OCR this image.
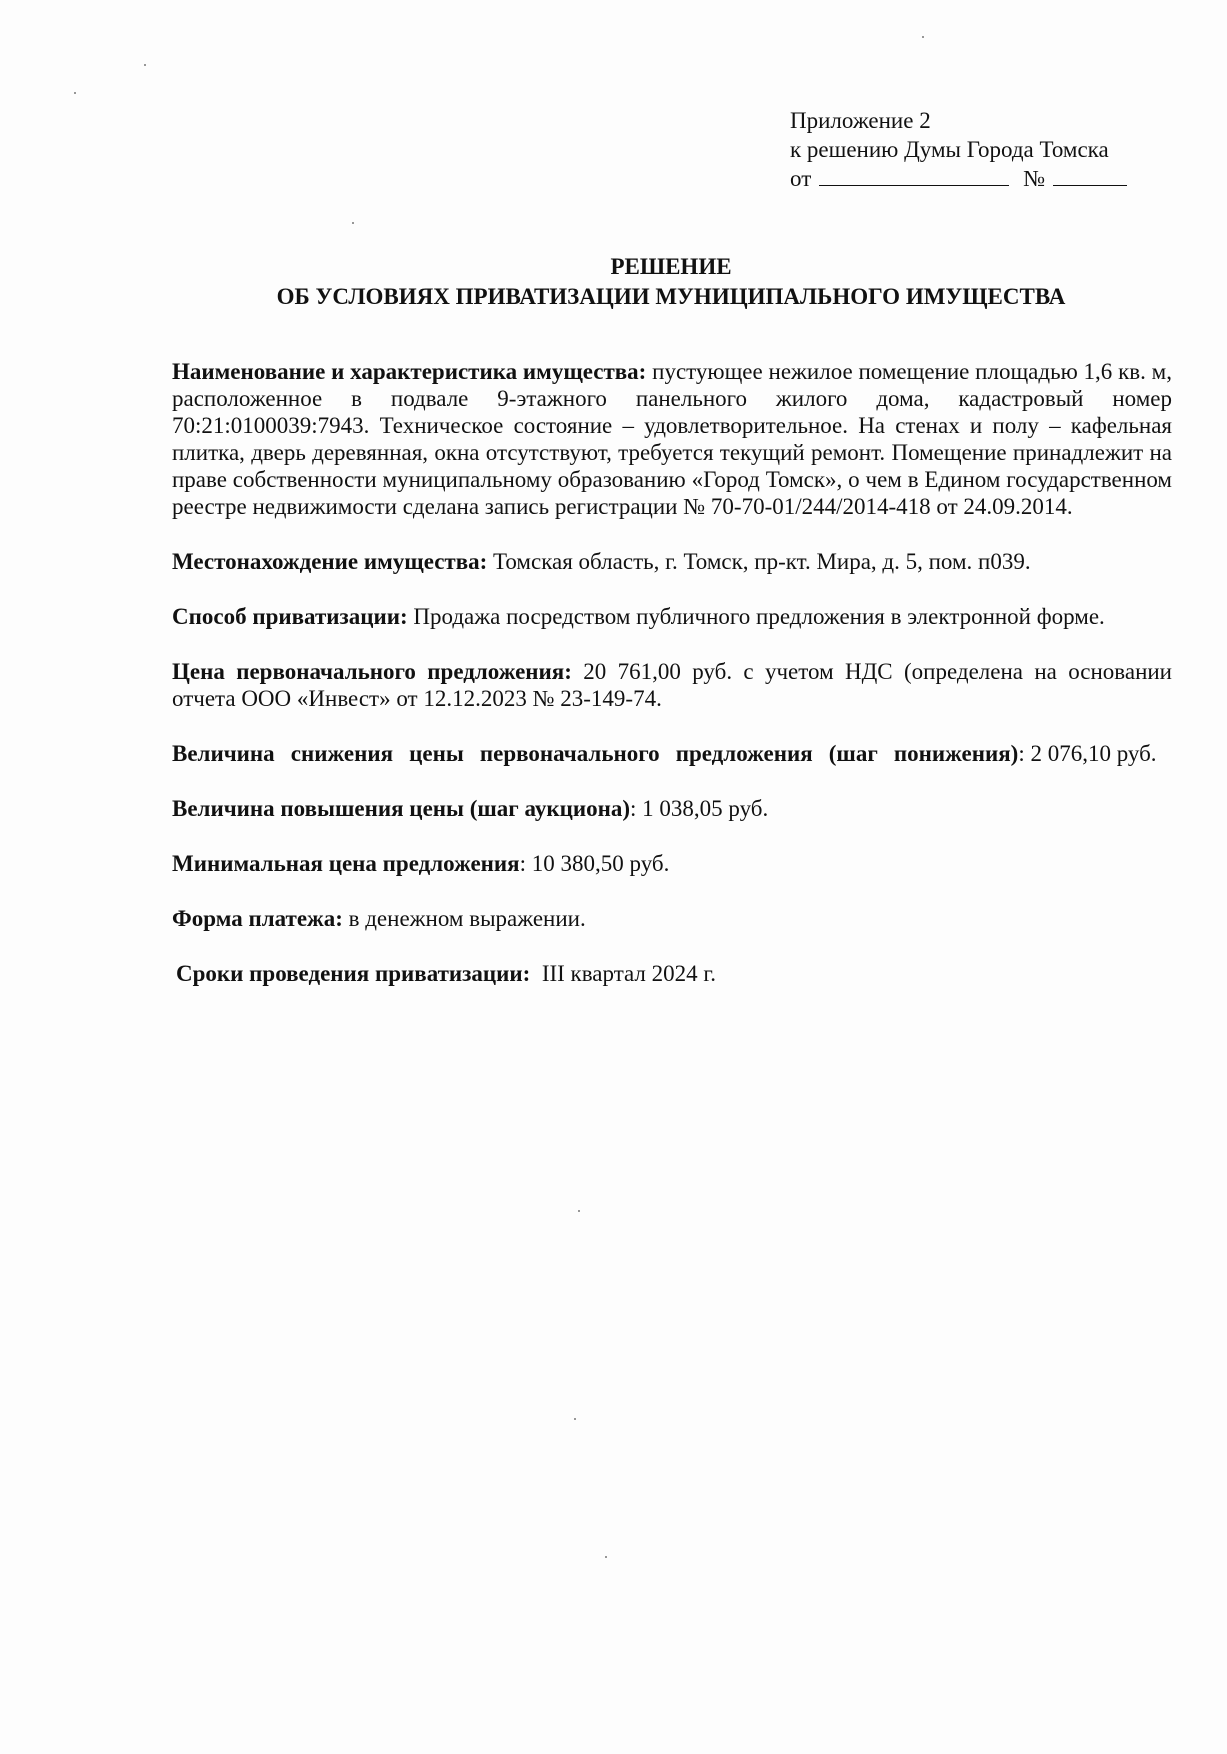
Приложение 2
к решению Думы Города Томска
от	№
РЕШЕНИЕ
ОБ УСЛОВИЯХ ПРИВАТИЗАЦИИ МУНИЦИПАЛЬНОГО ИМУЩЕСТВА

Наименование и характеристика имущества: пустующее нежилое помещение площадью 1,6 кв. м, расположенное в подвале 9-этажного панельного жилого дома, кадастровый номер 70:21:0100039:7943. Техническое состояние – удовлетворительное. На стенах и полу – кафельная плитка, дверь деревянная, окна отсутствуют, требуется текущий ремонт. Помещение принадлежит на праве собственности муниципальному образованию «Город Томск», о чем в Едином государственном реестре недвижимости сделана запись регистрации № 70-70-01/244/2014-418 от 24.09.2014.

Местонахождение имущества: Томская область, г. Томск, пр-кт. Мира, д. 5, пом. п039.

Способ приватизации: Продажа посредством публичного предложения в электронной форме.

Цена первоначального предложения: 20 761,00 руб. с учетом НДС (определена на основании отчета ООО «Инвест» от 12.12.2023 № 23-149-74.

Величина снижения цены первоначального предложения (шаг понижения): 2 076,10 руб.

Величина повышения цены (шаг аукциона): 1 038,05 руб.

Минимальная цена предложения: 10 380,50 руб.

Форма платежа: в денежном выражении.

Сроки проведения приватизации:  III квартал 2024 г.
